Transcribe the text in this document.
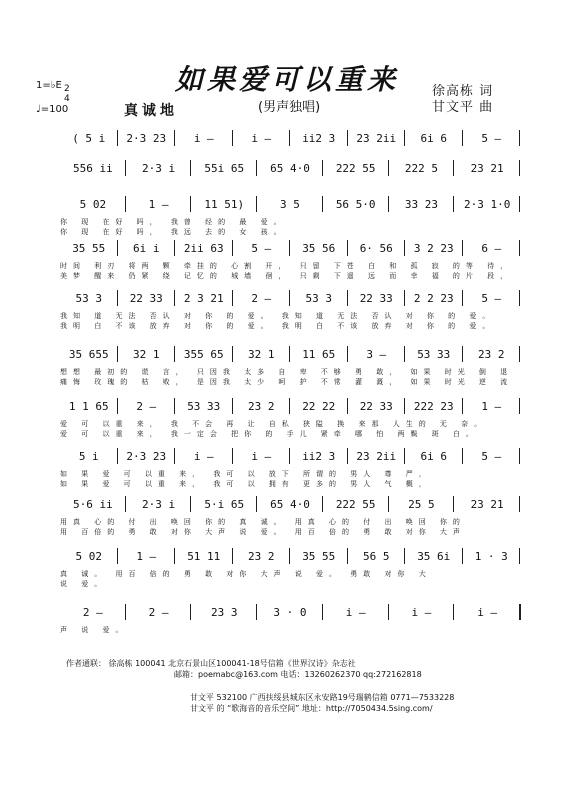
如果爱可以重来
(男声独唱)
真诚地
徐高栋 词
甘文平 曲
1=♭E 2
4
♩=100
( 5 i	2·3 23	i –	i –	ii2 3	23 2ii	6i 6	5 –
556 ii	2·3 i	55i 65	65 4·0	222 55	222 5	23 21
5 02	1 –	11 51)	3 5	56 5·0	33 23	2·3 1·0
你 现 在好 吗， 我曾 经的 最 爱。
你 现 在好 吗， 我远 去的 女 孩。
35 55	6i i	2ii 63	5 –	35 56	6· 56	3 2 23	6 –
时间 利刃 将两 颗 牵挂的 心割 开， 只留 下苍 白 和 孤 寂 的等 待，
美梦 醒来 仍紧 绕 记忆的 城墙 徊， 只剩 下遥 远 而 幸 福 的片 段，
53 3	22 33	2 3 21	2 –	53 3	22 33	2 2 23	5 –
我知 道 无法 否认 对 你 的 爱。 我知 道 无法 否认 对 你 的 爱。
我明 白 不该 放弃 对 你 的 爱。 我明 白 不该 放弃 对 你 的 爱。
35 655	32 1	355 65	32 1	11 65	3 –	53 33	23 2
想想 最初的 谎 言， 只因我 太多 自 卑 不够 勇 敢， 如果 时光 倒 退
痛悔 玫瑰的 枯 败， 是因我 太少 呵 护 不常 灌 溉， 如果 时光 逆 流
1 1 65	2 –	53 33	23 2	22 22	22 33	222 23	1 –
爱 可 以重 来， 我 不会 再 让 自私 狭隘 换 来那 人生的 无 奈。
爱 可 以重 来， 我一定会 把你 的 手儿 紧牵 哪 怕 两鬓 斑 白。
5 i	2·3 23	i –	i –	ii2 3	23 2ii	6i 6	5 –
如 果 爱 可 以重 来， 我可 以 放下 所谓的 男人 尊 严，
如 果 爱 可 以重 来， 我可 以 拥有 更多的 男人 气 概，
5·6 ii	2·3 i	5·i 65	65 4·0	222 55	25 5	23 21
用真 心的 付 出 唤回 你的 真 诚。 用真 心的 付 出 唤回 你的
用 百倍的 勇 敢 对你 大声 说 爱。 用百 倍的 勇 敢 对你 大声
5 02	1 –	51 11	23 2	35 55	56 5	35 6i	1 · 3
真 诚。 用百 倍的 勇 敢 对你 大声 说 爱。 勇敢 对你 大
说 爱。
2 –	2 –	23 3	3 · 0	i –	i –	i –
声 说 爱。
作者通联： 徐高栋 100041 北京石景山区100041-18号信箱《世界汉诗》杂志社
邮箱：poemabc@163.com 电话：13260262370 qq:272162818
甘文平 532100 广西扶绥县城东区永安路19号瑞鹤信箱 0771—7533228
甘文平 的 “歌海音的音乐空间” 地址：http://7050434.5sing.com/
